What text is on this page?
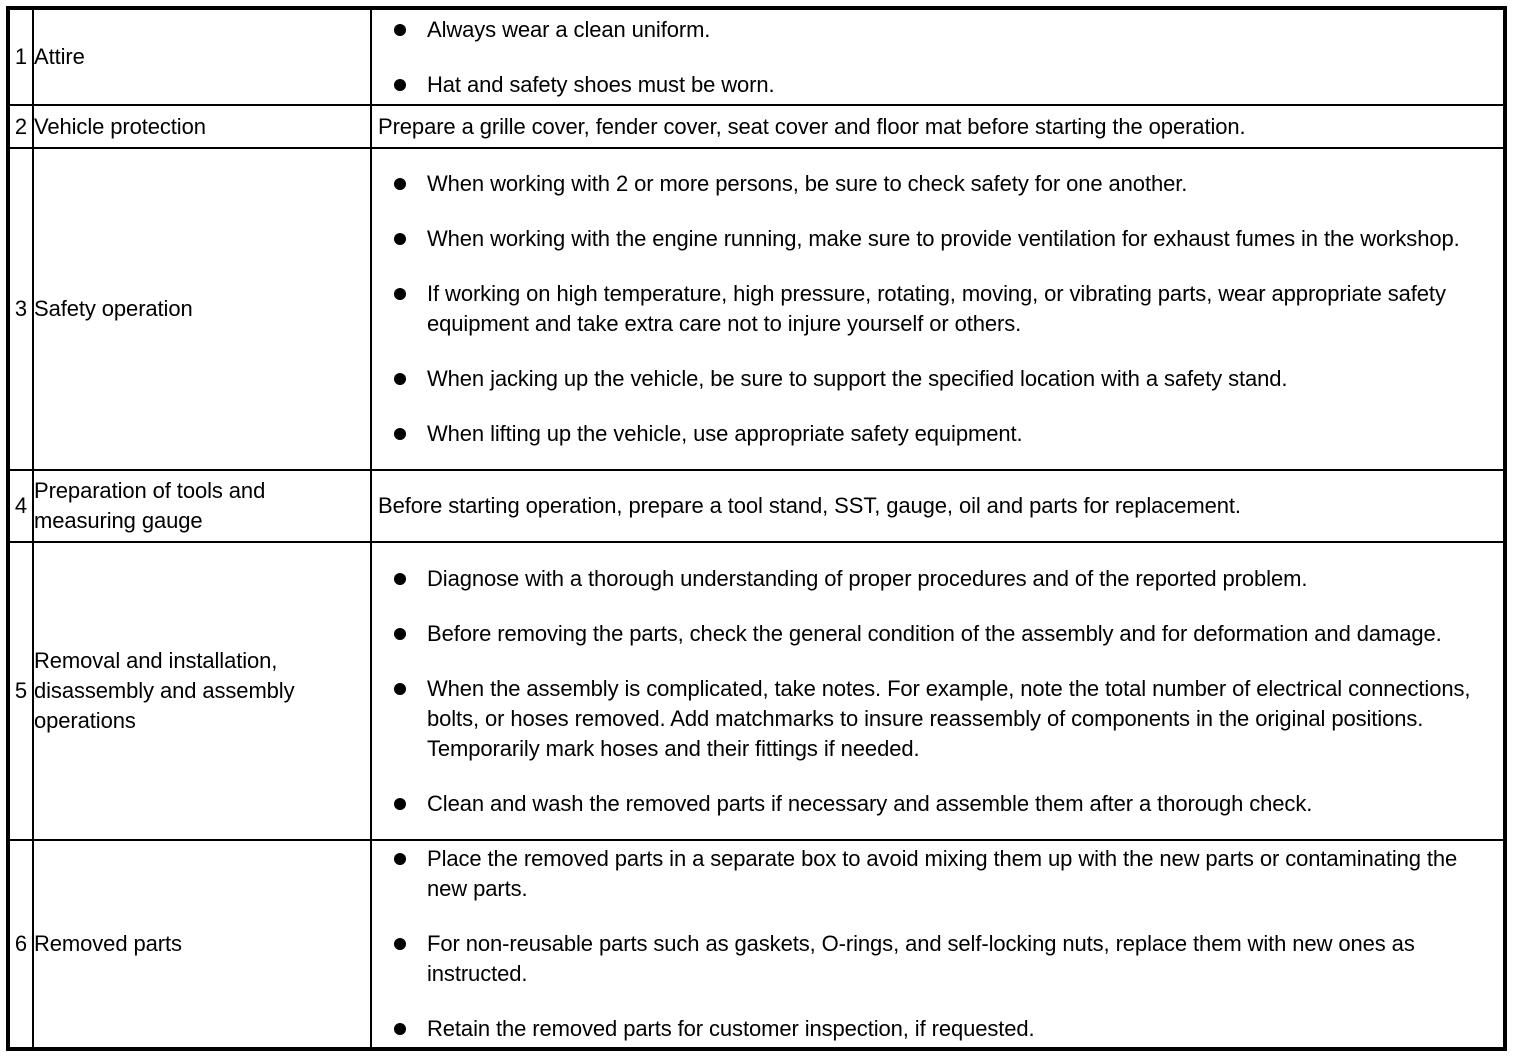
1	Attire	
Always wear a clean uniform.
Hat and safety shoes must be worn.

2	Vehicle protection	Prepare a grille cover, fender cover, seat cover and floor mat before starting the operation.
3	Safety operation	
When working with 2 or more persons, be sure to check safety for one another.
When working with the engine running, make sure to provide ventilation for exhaust fumes in the workshop.
If working on high temperature, high pressure, rotating, moving, or vibrating parts, wear appropriate safety equipment and take extra care not to injure yourself or others.
When jacking up the vehicle, be sure to support the specified location with a safety stand.
When lifting up the vehicle, use appropriate safety equipment.

4	Preparation of tools and measuring gauge	Before starting operation, prepare a tool stand, SST, gauge, oil and parts for replacement.
5	Removal and installation, disassembly and assembly operations	
Diagnose with a thorough understanding of proper procedures and of the reported problem.
Before removing the parts, check the general condition of the assembly and for deformation and damage.
When the assembly is complicated, take notes. For example, note the total number of electrical connections, bolts, or hoses removed. Add matchmarks to insure reassembly of components in the original positions. Temporarily mark hoses and their fittings if needed.
Clean and wash the removed parts if necessary and assemble them after a thorough check.

6	Removed parts	
Place the removed parts in a separate box to avoid mixing them up with the new parts or contaminating the new parts.
For non-reusable parts such as gaskets, O-rings, and self-locking nuts, replace them with new ones as instructed.
Retain the removed parts for customer inspection, if requested.
